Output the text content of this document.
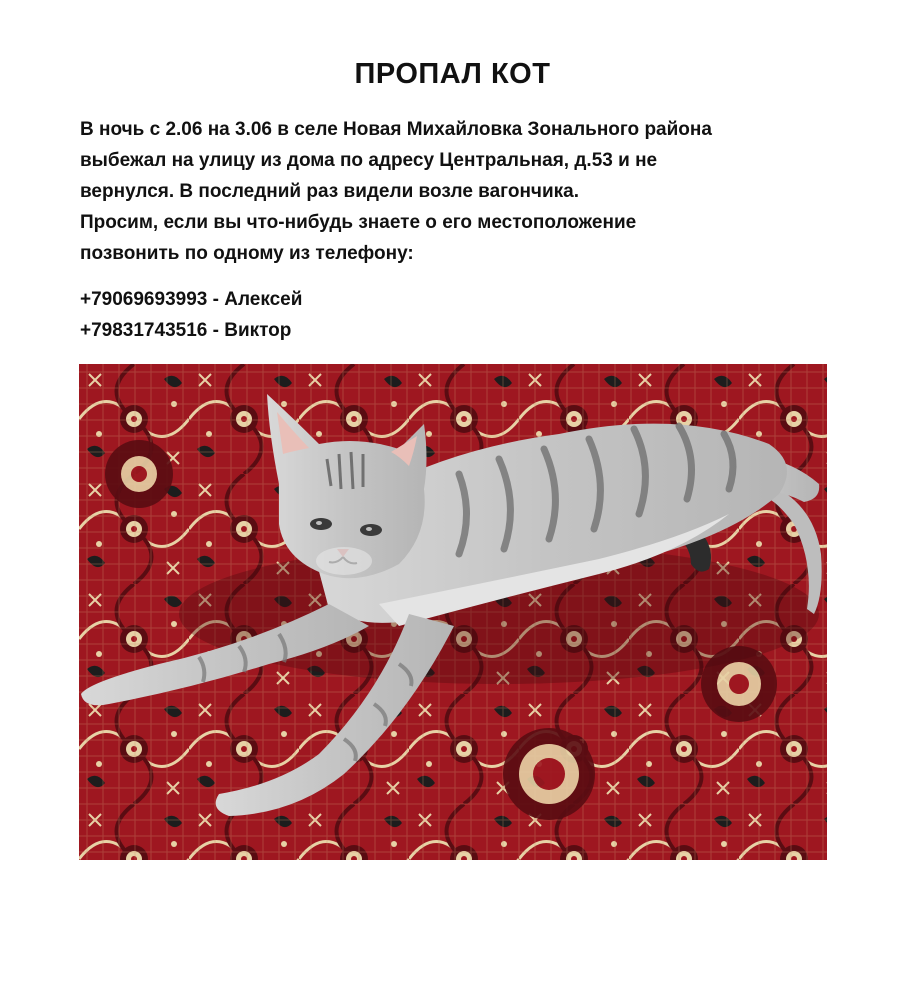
ПРОПАЛ КОТ
В ночь с 2.06 на 3.06 в селе Новая Михайловка Зонального района
выбежал на улицу из дома по адресу Центральная, д.53 и не
вернулся. В последний раз видели возле вагончика.
Просим, если вы что-нибудь знаете о его местоположение
позвонить по одному из телефону:
+79069693993 - Алексей
+79831743516 - Виктор
